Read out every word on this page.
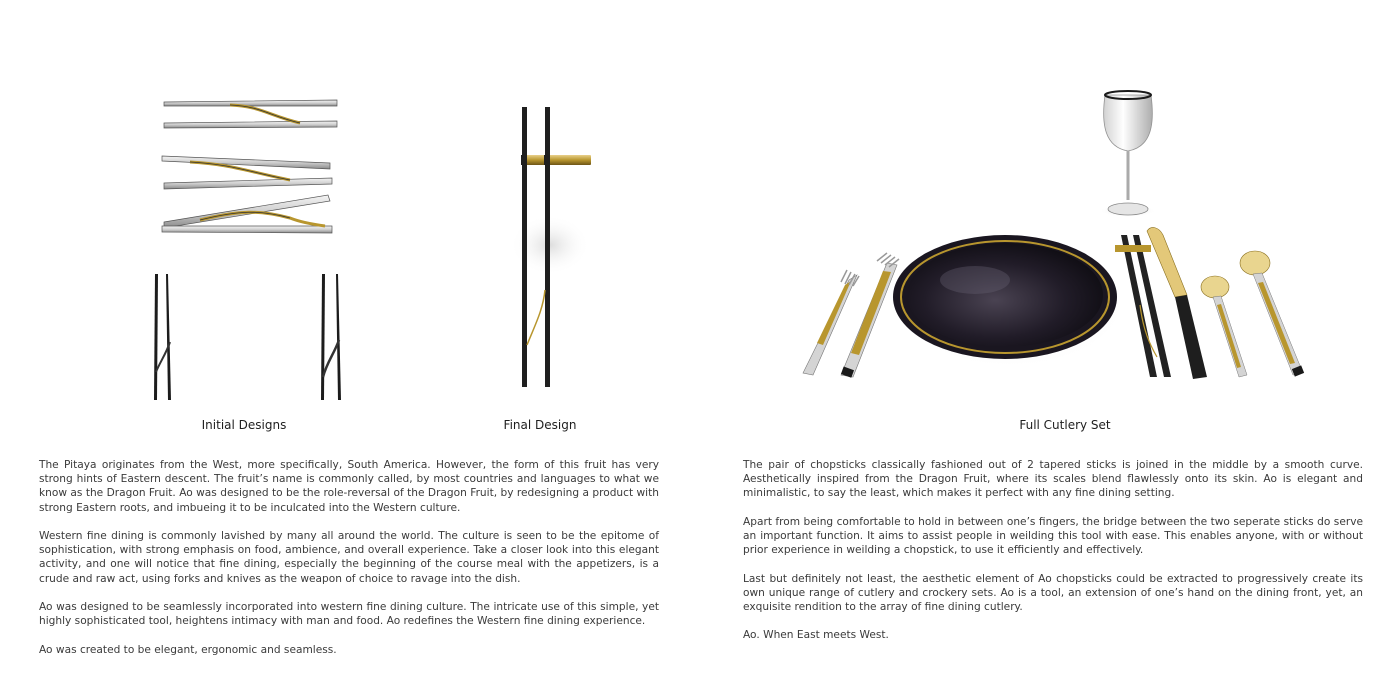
Initial Designs	Final Design	Full Cutlery Set

The Pitaya originates from the West, more specifically, South America. However, the form of this fruit has very strong hints of Eastern descent. The fruit’s name is commonly called, by most countries and languages to what we know as the Dragon Fruit. Ao was designed to be the role-reversal of the Dragon Fruit, by redesigning a product with strong Eastern roots, and imbueing it to be inculcated into the Western culture.

Western fine dining is commonly lavished by many all around the world. The culture is seen to be the epitome of sophistication, with strong emphasis on food, ambience, and overall experience. Take a closer look into this elegant activity, and one will notice that fine dining, especially the beginning of the course meal with the appetizers, is a crude and raw act, using forks and knives as the weapon of choice to ravage into the dish.

Ao was designed to be seamlessly incorporated into western fine dining culture. The intricate use of this simple, yet highly sophisticated tool, heightens intimacy with man and food. Ao redefines the Western fine dining experience.

Ao was created to be elegant, ergonomic and seamless.

The pair of chopsticks classically fashioned out of 2 tapered sticks is joined in the middle by a smooth curve. Aesthetically inspired from the Dragon Fruit, where its scales blend flawlessly onto its skin. Ao is elegant and minimalistic, to say the least, which makes it perfect with any fine dining setting.

Apart from being comfortable to hold in between one’s fingers, the bridge between the two seperate sticks do serve an important function. It aims to assist people in weilding this tool with ease. This enables anyone, with or without prior experience in weilding a chopstick, to use it efficiently and effectively.

Last but definitely not least, the aesthetic element of Ao chopsticks could be extracted to progressively create its own unique range of cutlery and crockery sets. Ao is a tool, an extension of one’s hand on the dining front, yet, an exquisite rendition to the array of fine dining cutlery.

Ao. When East meets West.
